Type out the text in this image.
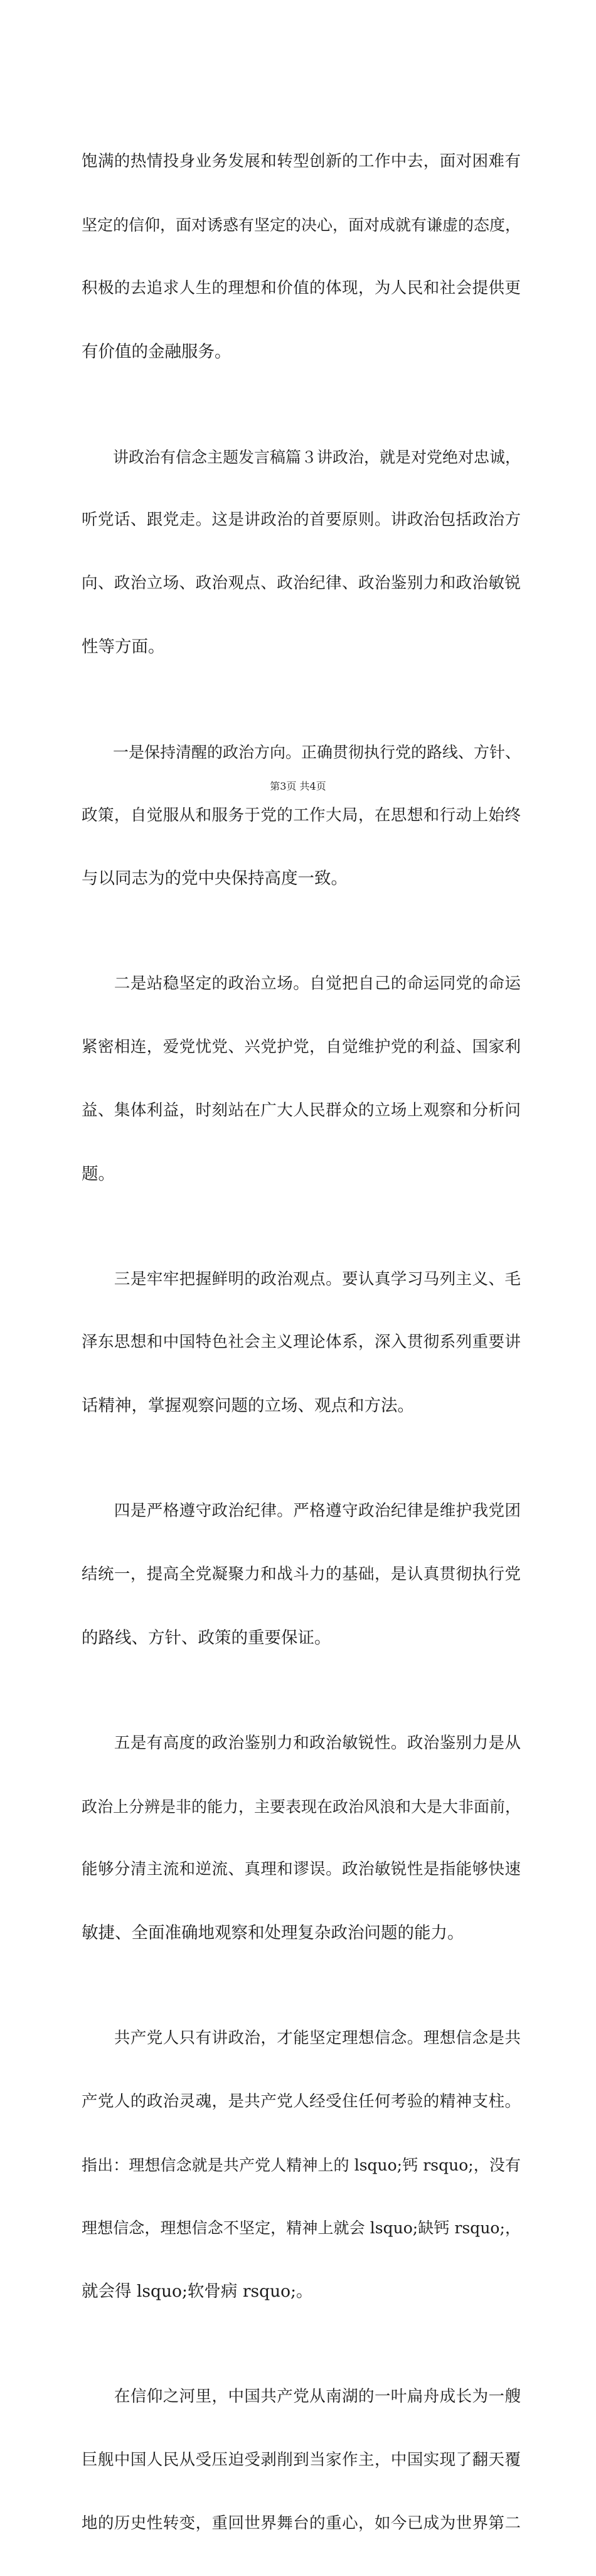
饱满的热情投身业务发展和转型创新的工作中去，面对困难有

坚定的信仰，面对诱惑有坚定的决心，面对成就有谦虚的态度，

积极的去追求人生的理想和价值的体现，为人民和社会提供更

有价值的金融服务。

　　讲政治有信念主题发言稿篇３讲政治，就是对党绝对忠诚，

听党话、跟党走。这是讲政治的首要原则。讲政治包括政治方

向、政治立场、政治观点、政治纪律、政治鉴别力和政治敏锐

性等方面。

　　一是保持清醒的政治方向。正确贯彻执行党的路线、方针、

政策，自觉服从和服务于党的工作大局，在思想和行动上始终

与以同志为的党中央保持高度一致。

　　二是站稳坚定的政治立场。自觉把自己的命运同党的命运

紧密相连，爱党忧党、兴党护党，自觉维护党的利益、国家利

益、集体利益，时刻站在广大人民群众的立场上观察和分析问

题。

　　三是牢牢把握鲜明的政治观点。要认真学习马列主义、毛

泽东思想和中国特色社会主义理论体系，深入贯彻系列重要讲

话精神，掌握观察问题的立场、观点和方法。

　　四是严格遵守政治纪律。严格遵守政治纪律是维护我党团

结统一，提高全党凝聚力和战斗力的基础，是认真贯彻执行党

的路线、方针、政策的重要保证。

　　五是有高度的政治鉴别力和政治敏锐性。政治鉴别力是从

政治上分辨是非的能力，主要表现在政治风浪和大是大非面前，

能够分清主流和逆流、真理和谬误。政治敏锐性是指能够快速

敏捷、全面准确地观察和处理复杂政治问题的能力。

　　共产党人只有讲政治，才能坚定理想信念。理想信念是共

产党人的政治灵魂，是共产党人经受住任何考验的精神支柱。

指出：理想信念就是共产党人精神上的 lsquo;钙 rsquo;，没有

理想信念，理想信念不坚定，精神上就会 lsquo;缺钙 rsquo;，

就会得 lsquo;软骨病 rsquo;。

　　在信仰之河里，中国共产党从南湖的一叶扁舟成长为一艘

巨舰中国人民从受压迫受剥削到当家作主，中国实现了翻天覆

地的历史性转变，重回世界舞台的重心，如今已成为世界第二

第3页 共4页
